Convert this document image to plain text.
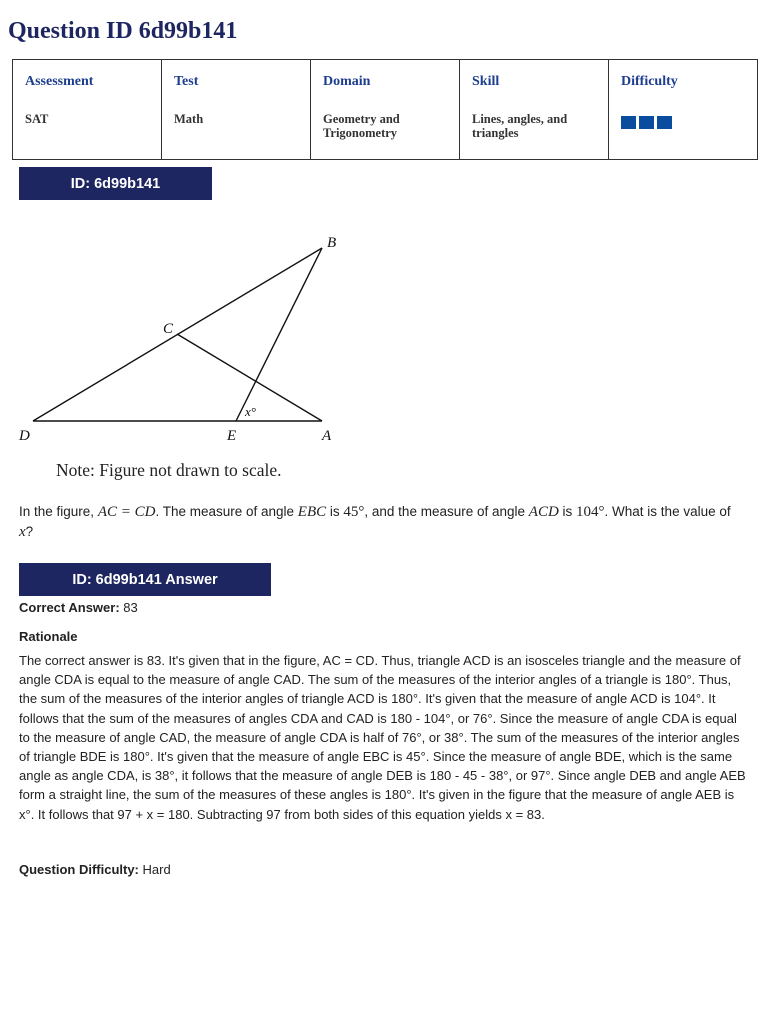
Question ID 6d99b141
Assessment
SAT

Test
Math

Domain
Geometry and Trigonometry

Skill
Lines, angles, and triangles

Difficulty
ID: 6d99b141
B
C
D	E	A
x°
Note: Figure not drawn to scale.
In the figure, AC = CD. The measure of angle EBC is 45°, and the measure of angle ACD is 104°. What is the value of x?
ID: 6d99b141 Answer
Correct Answer: 83
Rationale

The correct answer is 83. It's given that in the figure, AC = CD. Thus, triangle ACD is an isosceles triangle and the measure of angle CDA is equal to the measure of angle CAD. The sum of the measures of the interior angles of a triangle is 180°. Thus, the sum of the measures of the interior angles of triangle ACD is 180°. It's given that the measure of angle ACD is 104°. It follows that the sum of the measures of angles CDA and CAD is 180 - 104°, or 76°. Since the measure of angle CDA is equal to the measure of angle CAD, the measure of angle CDA is half of 76°, or 38°. The sum of the measures of the interior angles of triangle BDE is 180°. It's given that the measure of angle EBC is 45°. Since the measure of angle BDE, which is the same angle as angle CDA, is 38°, it follows that the measure of angle DEB is 180 - 45 - 38°, or 97°. Since angle DEB and angle AEB form a straight line, the sum of the measures of these angles is 180°. It's given in the figure that the measure of angle AEB is x°. It follows that 97 + x = 180. Subtracting 97 from both sides of this equation yields x = 83.

Question Difficulty: Hard
